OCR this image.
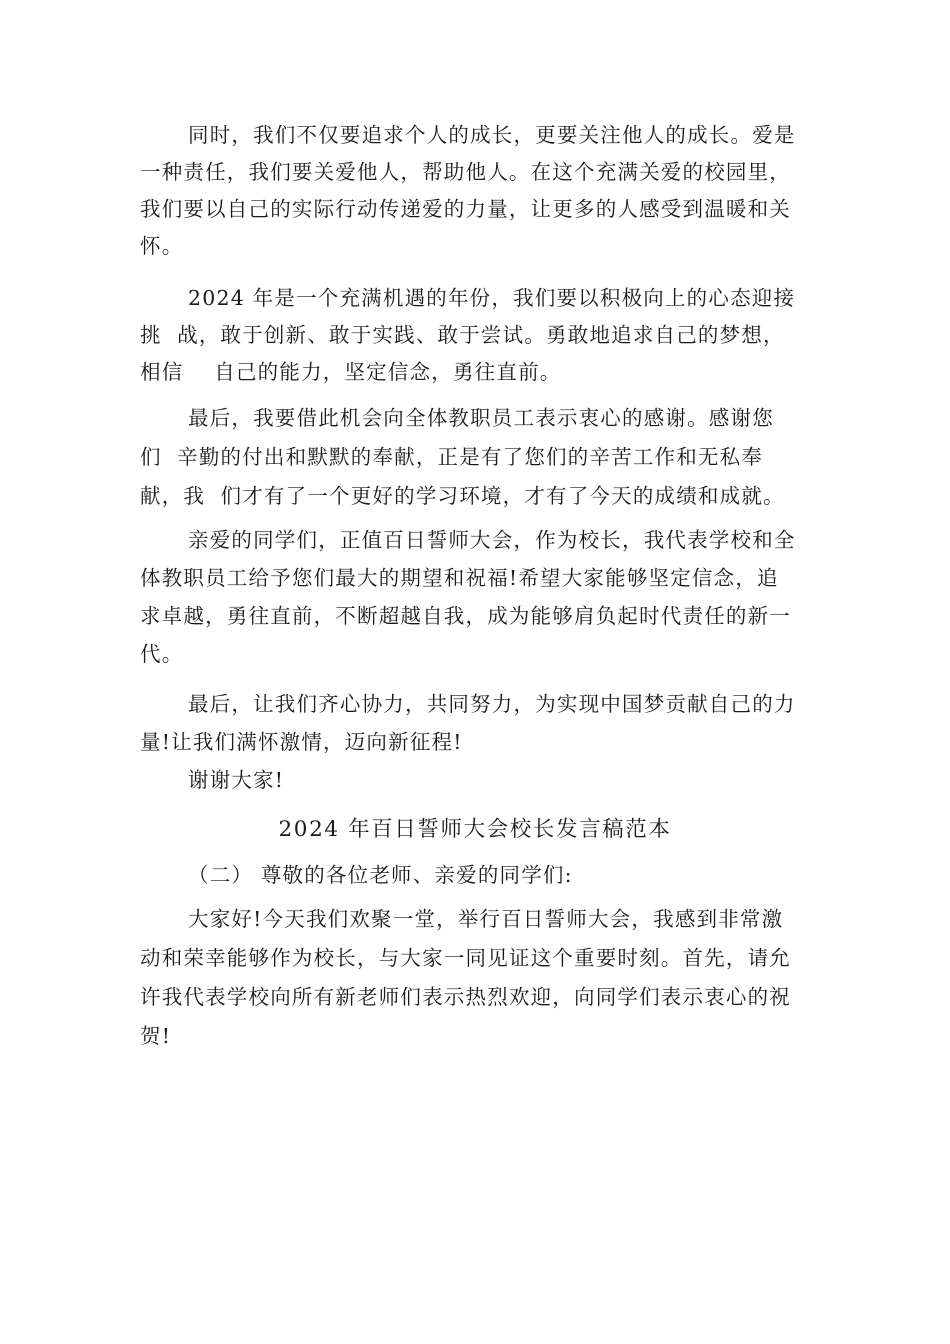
同时，我们不仅要追求个人的成长，更要关注他人的成长。爱是
一种责任，我们要关爱他人，帮助他人。在这个充满关爱的校园里，
我们要以自己的实际行动传递爱的力量，让更多的人感受到温暖和关
怀。
2024 年是一个充满机遇的年份，我们要以积极向上的心态迎接
挑  战，敢于创新、敢于实践、敢于尝试。勇敢地追求自己的梦想，
相信    自己的能力，坚定信念，勇往直前。
最后，我要借此机会向全体教职员工表示衷心的感谢。感谢您
们  辛勤的付出和默默的奉献，正是有了您们的辛苦工作和无私奉
献，我  们才有了一个更好的学习环境，才有了今天的成绩和成就。
亲爱的同学们，正值百日誓师大会，作为校长，我代表学校和全
体教职员工给予您们最大的期望和祝福!希望大家能够坚定信念，追
求卓越，勇往直前，不断超越自我，成为能够肩负起时代责任的新一
代。
最后，让我们齐心协力，共同努力，为实现中国梦贡献自己的力
量!让我们满怀激情，迈向新征程!
谢谢大家!
2024 年百日誓师大会校长发言稿范本
（二） 尊敬的各位老师、亲爱的同学们:
大家好!今天我们欢聚一堂，举行百日誓师大会，我感到非常激
动和荣幸能够作为校长，与大家一同见证这个重要时刻。首先，请允
许我代表学校向所有新老师们表示热烈欢迎，向同学们表示衷心的祝
贺!
